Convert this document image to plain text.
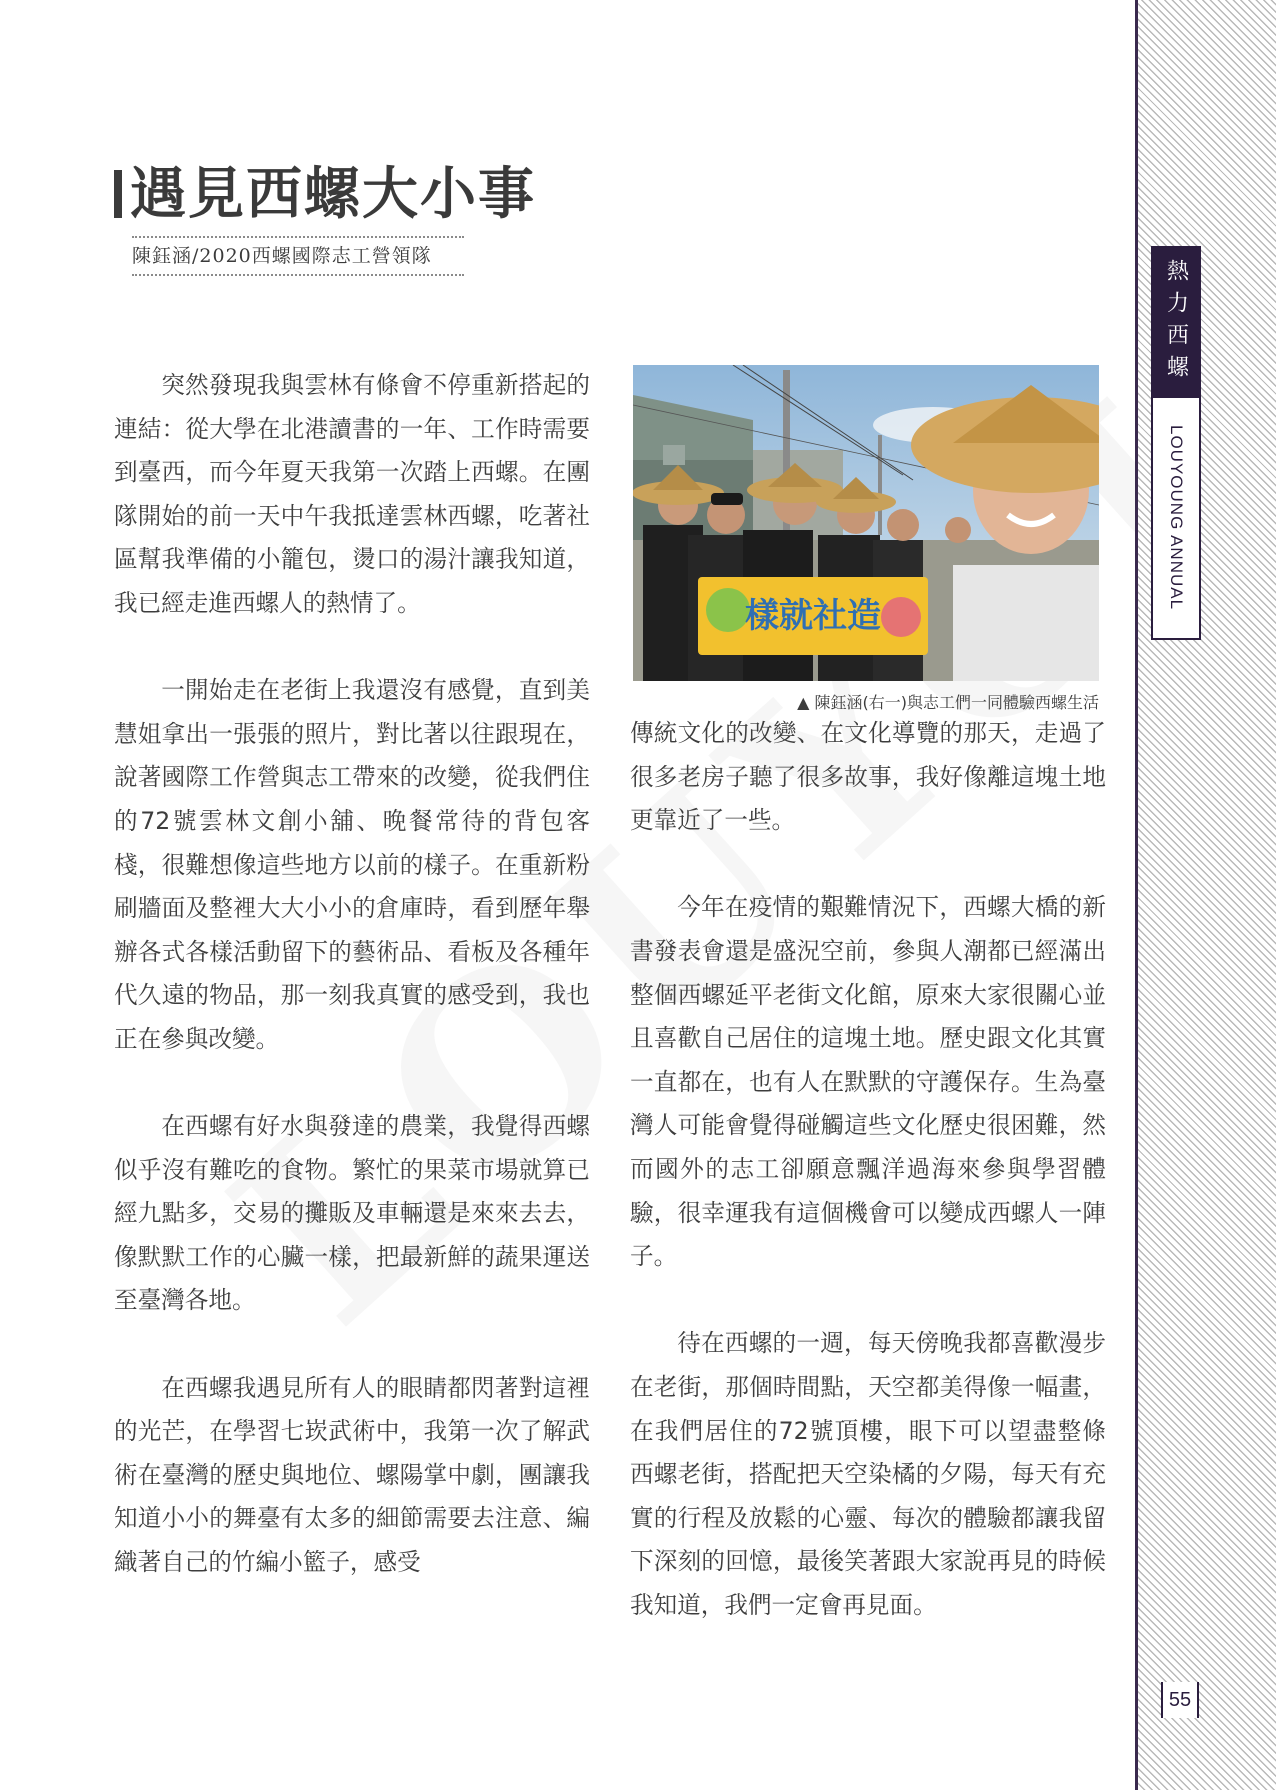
熱力西螺
LOUYOUNG ANNUAL
55
遇見西螺大小事
陳鈺涵/2020西螺國際志工營領隊

突然發現我與雲林有條會不停重新搭起的連結：從大學在北港讀書的一年、工作時需要到臺西，而今年夏天我第一次踏上西螺。在團隊開始的前一天中午我抵達雲林西螺，吃著社區幫我準備的小籠包，燙口的湯汁讓我知道，我已經走進西螺人的熱情了。

一開始走在老街上我還沒有感覺，直到美慧姐拿出一張張的照片，對比著以往跟現在，說著國際工作營與志工帶來的改變，從我們住的72號雲林文創小舖、晚餐常待的背包客棧，很難想像這些地方以前的樣子。在重新粉刷牆面及整裡大大小小的倉庫時，看到歷年舉辦各式各樣活動留下的藝術品、看板及各種年代久遠的物品，那一刻我真實的感受到，我也正在參與改變。

在西螺有好水與發達的農業，我覺得西螺似乎沒有難吃的食物。繁忙的果菜市場就算已經九點多，交易的攤販及車輛還是來來去去，像默默工作的心臟一樣，把最新鮮的蔬果運送至臺灣各地。

在西螺我遇見所有人的眼睛都閃著對這裡的光芒，在學習七崁武術中，我第一次了解武術在臺灣的歷史與地位、螺陽掌中劇，團讓我知道小小的舞臺有太多的細節需要去注意、編織著自己的竹編小籃子，感受

樣就社造
▲ 陳鈺涵(右一)與志工們一同體驗西螺生活

傳統文化的改變、在文化導覽的那天，走過了很多老房子聽了很多故事，我好像離這塊土地更靠近了一些。

今年在疫情的艱難情況下，西螺大橋的新書發表會還是盛況空前，參與人潮都已經滿出整個西螺延平老街文化館，原來大家很關心並且喜歡自己居住的這塊土地。歷史跟文化其實一直都在，也有人在默默的守護保存。生為臺灣人可能會覺得碰觸這些文化歷史很困難，然而國外的志工卻願意飄洋過海來參與學習體驗，很幸運我有這個機會可以變成西螺人一陣子。

待在西螺的一週，每天傍晚我都喜歡漫步在老街，那個時間點，天空都美得像一幅畫，在我們居住的72號頂樓，眼下可以望盡整條西螺老街，搭配把天空染橘的夕陽，每天有充實的行程及放鬆的心靈、每次的體驗都讓我留下深刻的回憶，最後笑著跟大家說再見的時候我知道，我們一定會再見面。
